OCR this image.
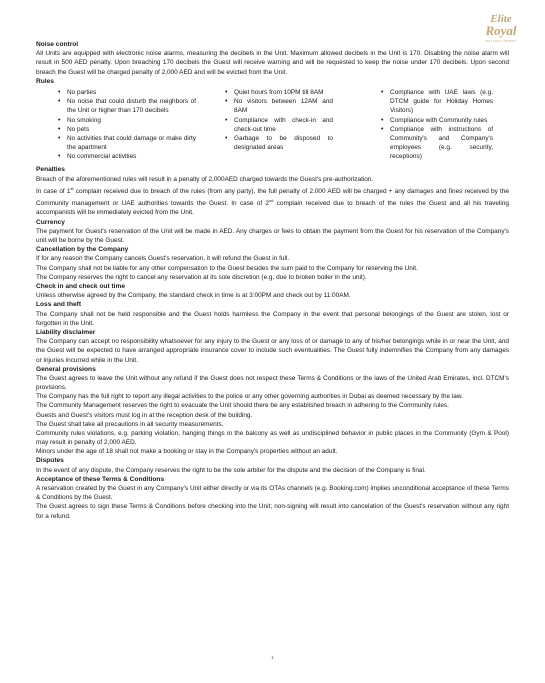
Elite
Royal
HOLIDAY HOMES
Noise control

All Units are equipped with electronic noise alarms, measuring the decibels in the Unit. Maximum allowed decibels in the Unit is 170. Disabling the noise alarm will result in 500 AED penalty. Upon breaching 170 decibels the Guest will receive warning and will be requested to keep the noise under 170 decibels. Upon second breach the Guest will be charged penalty of 2,000 AED and will be evicted from the Unit.

Rules
• No parties
• No noise that could disturb the neighbors of the Unit or higher than 170 decibels
• No smoking
• No pets
• No activities that could damage or make dirty the apartment
• No commercial activities
• Quiet hours from 10PM till 8AM
• No visitors between 12AM and 8AM
• Compliance with check-in and check-out time
• Garbage to be disposed to designated areas
• Compliance with UAE laws (e.g. DTCM guide for Holiday Homes Visitors)
• Compliance with Community rules
• Compliance with instructions of Community's and Company's employees (e.g. security, receptions)
Penalties

Breach of the aforementioned rules will result in a penalty of 2,000AED charged towards the Guest's pre-authorization.

In case of 1st complain received due to breach of the rules (from any party), the full penalty of 2,000 AED will be charged + any damages and fines received by the Community management or UAE authorities towards the Guest. In case of 2nd complain received due to breach of the rules the Guest and all his traveling accompanists will be immediately evicted from the Unit.

Currency

The payment for Guest's reservation of the Unit will be made in AED. Any charges or fees to obtain the payment from the Guest for his reservation of the Company's unit will be borne by the Guest.

Cancellation by the Company

If for any reason the Company cancels Guest's reservation, it will refund the Guest in full.

The Company shall not be liable for any other compensation to the Guest besides the sum paid to the Company for reserving the Unit.

The Company reserves the right to cancel any reservation at its sole discretion (e.g. due to broken boiler in the unit).

Check in and check out time

Unless otherwise agreed by the Company, the standard check in time is at 3:00PM and check out by 11:00AM.

Loss and theft

The Company shall not be held responsible and the Guest holds harmless the Company in the event that personal belongings of the Guest are stolen, lost or forgotten in the Unit.

Liability disclaimer

The Company can accept no responsibility whatsoever for any injury to the Guest or any loss of or damage to any of his/her belongings while in or near the Unit, and the Guest will be expected to have arranged appropriate insurance cover to include such eventualities. The Guest fully indemnifies the Company from any damages or injuries incurred while in the Unit.

General provisions

The Guest agrees to leave the Unit without any refund if the Guest does not respect these Terms & Conditions or the laws of the United Arab Emirates, incl. DTCM's provisions.

The Company has the full right to report any illegal activities to the police or any other governing authorities in Dubai as deemed necessary by the law.

The Community Management reserves the right to evacuate the Unit should there be any established breach in adhering to the Community rules.

Guests and Guest's visitors must log in at the reception desk of the building.

The Guest shall take all precautions in all security measurements.

Community rules violations, e.g. parking violation, hanging things in the balcony as well as undisciplined behavior in public places in the Community (Gym & Pool) may result in penalty of 2,000 AED.

Minors under the age of 18 shall not make a booking or stay in the Company's properties without an adult.

Disputes

In the event of any dispute, the Company reserves the right to be the sole arbiter for the dispute and the decision of the Company is final.

Acceptance of these Terms & Conditions

A reservation created by the Guest in any Company's Unit either directly or via its OTAs channels (e.g. Booking.com) implies unconditional acceptance of these Terms & Conditions by the Guest.

The Guest agrees to sign these Terms & Conditions before checking into the Unit; non-signing will result into cancelation of the Guest's reservation without any right for a refund.

1
